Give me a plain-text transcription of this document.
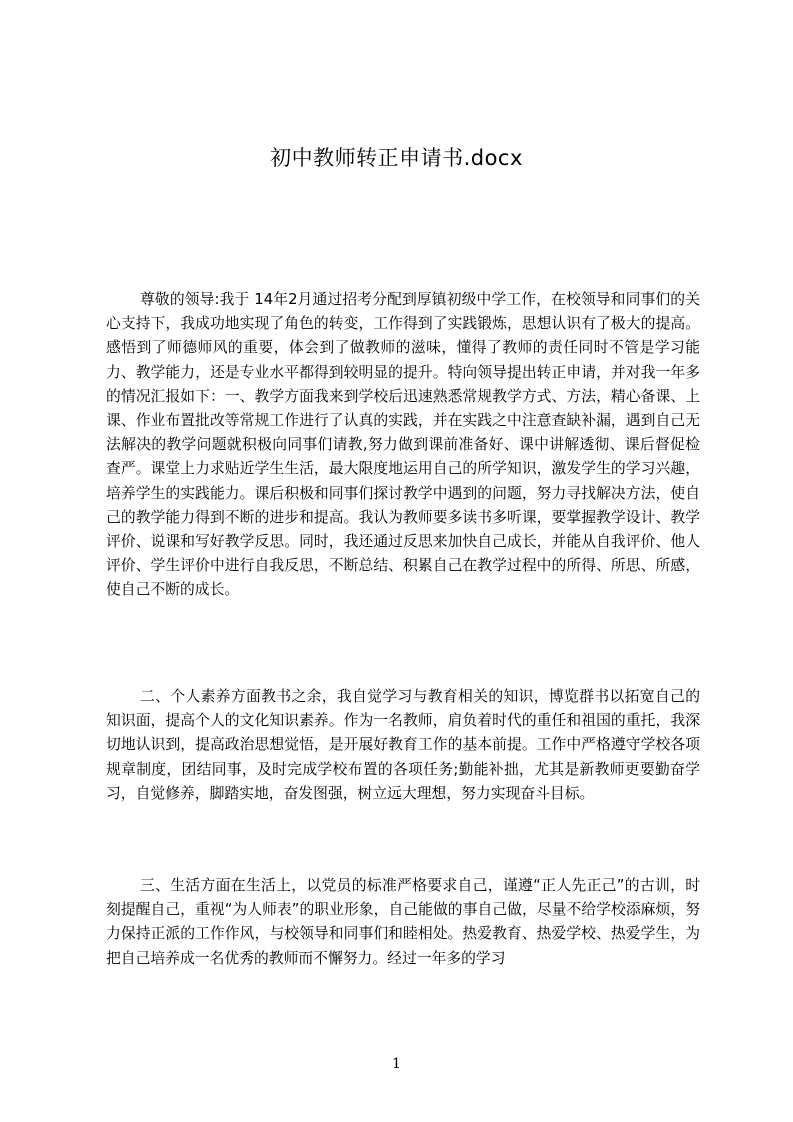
初中教师转正申请书.docx

尊敬的领导:我于 14年2月通过招考分配到厚镇初级中学工作，在校领导和同事们的关心支持下，我成功地实现了角色的转变，工作得到了实践锻炼，思想认识有了极大的提高。感悟到了师德师风的重要，体会到了做教师的滋味，懂得了教师的责任同时不管是学习能力、教学能力，还是专业水平都得到较明显的提升。特向领导提出转正申请，并对我一年多的情况汇报如下：一、教学方面我来到学校后迅速熟悉常规教学方式、方法，精心备课、上课、作业布置批改等常规工作进行了认真的实践，并在实践之中注意查缺补漏，遇到自己无法解决的教学问题就积极向同事们请教,努力做到课前准备好、课中讲解透彻、课后督促检查严。课堂上力求贴近学生生活，最大限度地运用自己的所学知识，激发学生的学习兴趣，培养学生的实践能力。课后积极和同事们探讨教学中遇到的问题，努力寻找解决方法，使自己的教学能力得到不断的进步和提高。我认为教师要多读书多听课，要掌握教学设计、教学评价、说课和写好教学反思。同时，我还通过反思来加快自己成长，并能从自我评价、他人评价、学生评价中进行自我反思，不断总结、积累自己在教学过程中的所得、所思、所感，使自己不断的成长。

二、个人素养方面教书之余，我自觉学习与教育相关的知识，博览群书以拓宽自己的知识面，提高个人的文化知识素养。作为一名教师，肩负着时代的重任和祖国的重托，我深切地认识到，提高政治思想觉悟，是开展好教育工作的基本前提。工作中严格遵守学校各项规章制度，团结同事，及时完成学校布置的各项任务;勤能补拙，尤其是新教师更要勤奋学习，自觉修养，脚踏实地，奋发图强，树立远大理想，努力实现奋斗目标。

三、生活方面在生活上，以党员的标准严格要求自己，谨遵“正人先正己”的古训，时刻提醒自己，重视“为人师表”的职业形象，自己能做的事自己做，尽量不给学校添麻烦，努力保持正派的工作作风，与校领导和同事们和睦相处。热爱教育、热爱学校、热爱学生，为把自己培养成一名优秀的教师而不懈努力。经过一年多的学习

1
